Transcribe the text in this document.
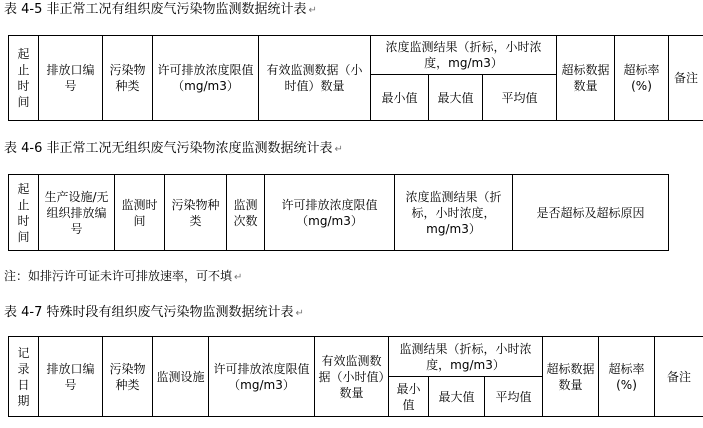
表 4-5 非正常工况有组织废气污染物监测数据统计表 ↵
起止时间	排放口编号	污染物种类	许可排放浓度限值（mg/m3）	有效监测数据（小时值）数量	浓度监测结果（折标，小时浓度，mg/m3）			超标数据数量	超标率(%)	备注
					最小值	最大值	平均值			
表 4-6 非正常工况无组织废气污染物浓度监测数据统计表 ↵
起止时间	生产设施/无组织排放编号	监测时间	污染物种类	监测次数	许可排放浓度限值（mg/m3）	浓度监测结果（折标，小时浓度，mg/m3）	是否超标及超标原因
注：如排污许可证未许可排放速率，可不填 ↵
表 4-7 特殊时段有组织废气污染物监测数据统计表 ↵
记录日期	排放口编号	污染物种类	监测设施	许可排放浓度限值（mg/m3）	有效监测数据（小时值）数量	监测结果（折标，小时浓度，mg/m3）			超标数据数量	超标率(%)	备注
						最小值	最大值	平均值			
